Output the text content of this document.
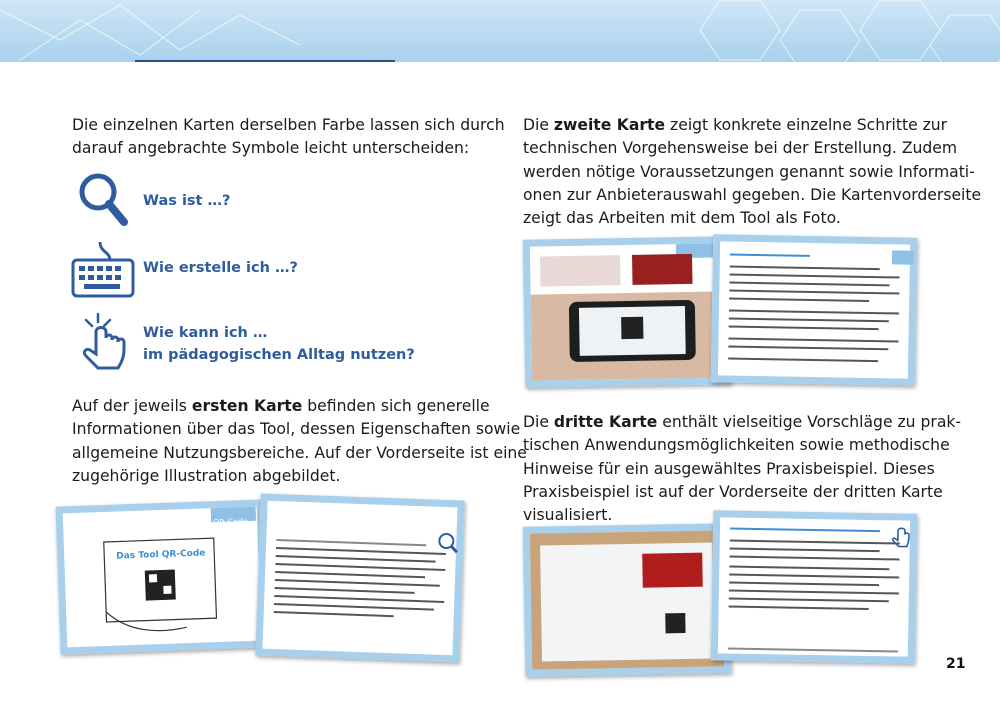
Die einzelnen Karten derselben Farbe lassen sich durch
darauf angebrachte Symbole leicht unterscheiden:

Was ist …?
Wie erstelle ich …?
Wie kann ich …
im pädagogischen Alltag nutzen?

Auf der jeweils ersten Karte befinden sich generelle
Informationen über das Tool, dessen Eigenschaften sowie
allgemeine Nutzungsbereiche. Auf der Vorderseite ist eine
zugehörige Illustration abgebildet.

Das Tool QR-Code
QR-Code

Die zweite Karte zeigt konkrete einzelne Schritte zur
technischen Vorgehensweise bei der Erstellung. Zudem
werden nötige Voraussetzungen genannt sowie Informati-
onen zur Anbieterauswahl gegeben. Die Kartenvorderseite
zeigt das Arbeiten mit dem Tool als Foto.

Die dritte Karte enthält vielseitige Vorschläge zu prak-
tischen Anwendungsmöglichkeiten sowie methodische
Hinweise für ein ausgewähltes Praxisbeispiel. Dieses
Praxisbeispiel ist auf der Vorderseite der dritten Karte
visualisiert.

21
